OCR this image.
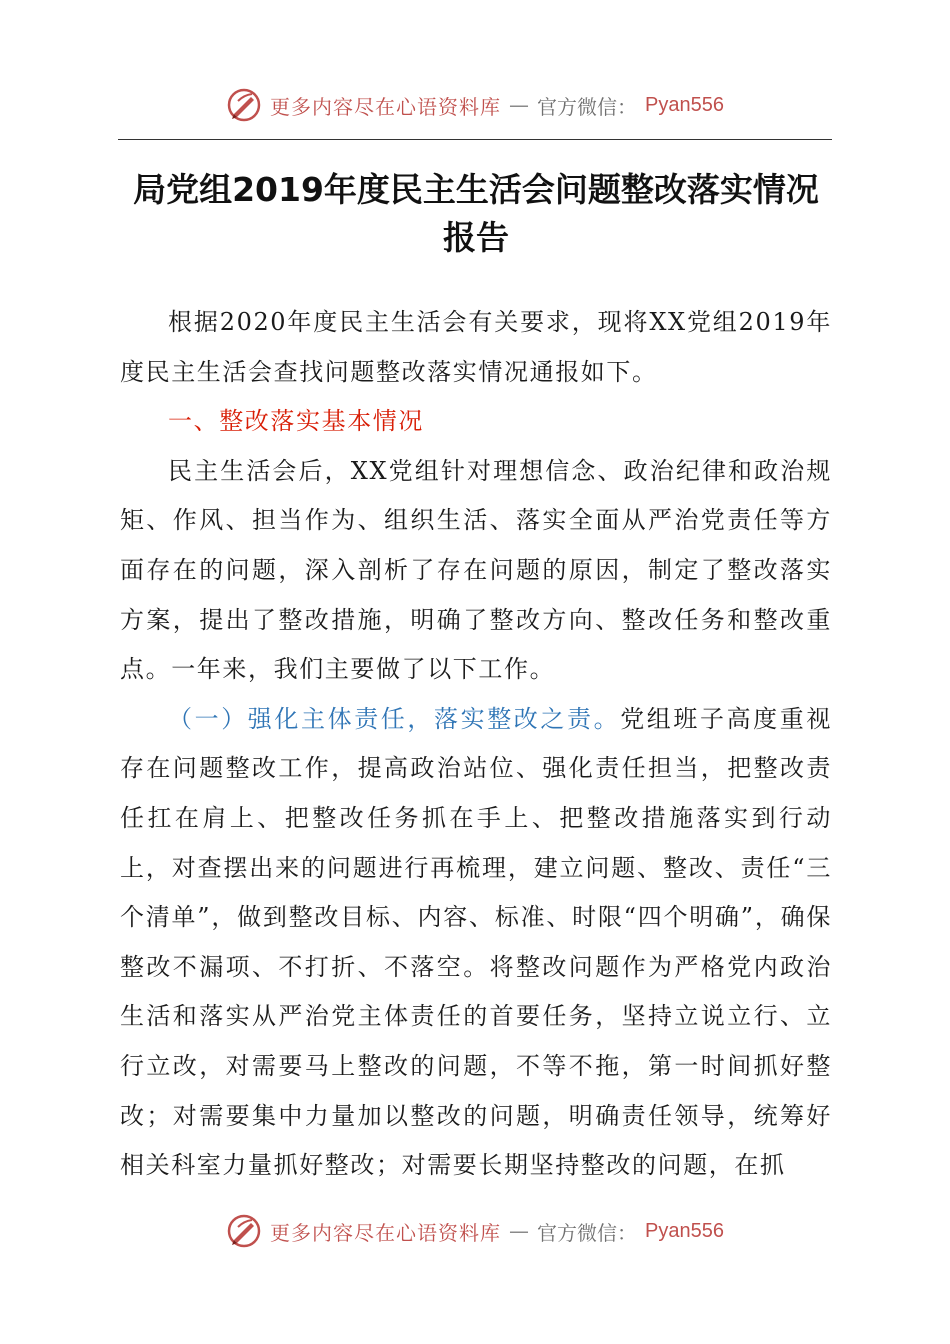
更多内容尽在心语资料库 — 官方微信： Pyan556
局党组2019年度民主生活会问题整改落实情况报告

根据2020年度民主生活会有关要求，现将XX党组2019年度民主生活会查找问题整改落实情况通报如下。

一、整改落实基本情况

民主生活会后，XX党组针对理想信念、政治纪律和政治规矩、作风、担当作为、组织生活、落实全面从严治党责任等方面存在的问题，深入剖析了存在问题的原因，制定了整改落实方案，提出了整改措施，明确了整改方向、整改任务和整改重点。一年来，我们主要做了以下工作。

（一）强化主体责任，落实整改之责。党组班子高度重视存在问题整改工作，提高政治站位、强化责任担当，把整改责任扛在肩上、把整改任务抓在手上、把整改措施落实到行动上，对查摆出来的问题进行再梳理，建立问题、整改、责任“三个清单”，做到整改目标、内容、标准、时限“四个明确”，确保整改不漏项、不打折、不落空。将整改问题作为严格党内政治生活和落实从严治党主体责任的首要任务，坚持立说立行、立行立改，对需要马上整改的问题，不等不拖，第一时间抓好整改；对需要集中力量加以整改的问题，明确责任领导，统筹好相关科室力量抓好整改；对需要长期坚持整改的问题，在抓

更多内容尽在心语资料库 — 官方微信： Pyan556
